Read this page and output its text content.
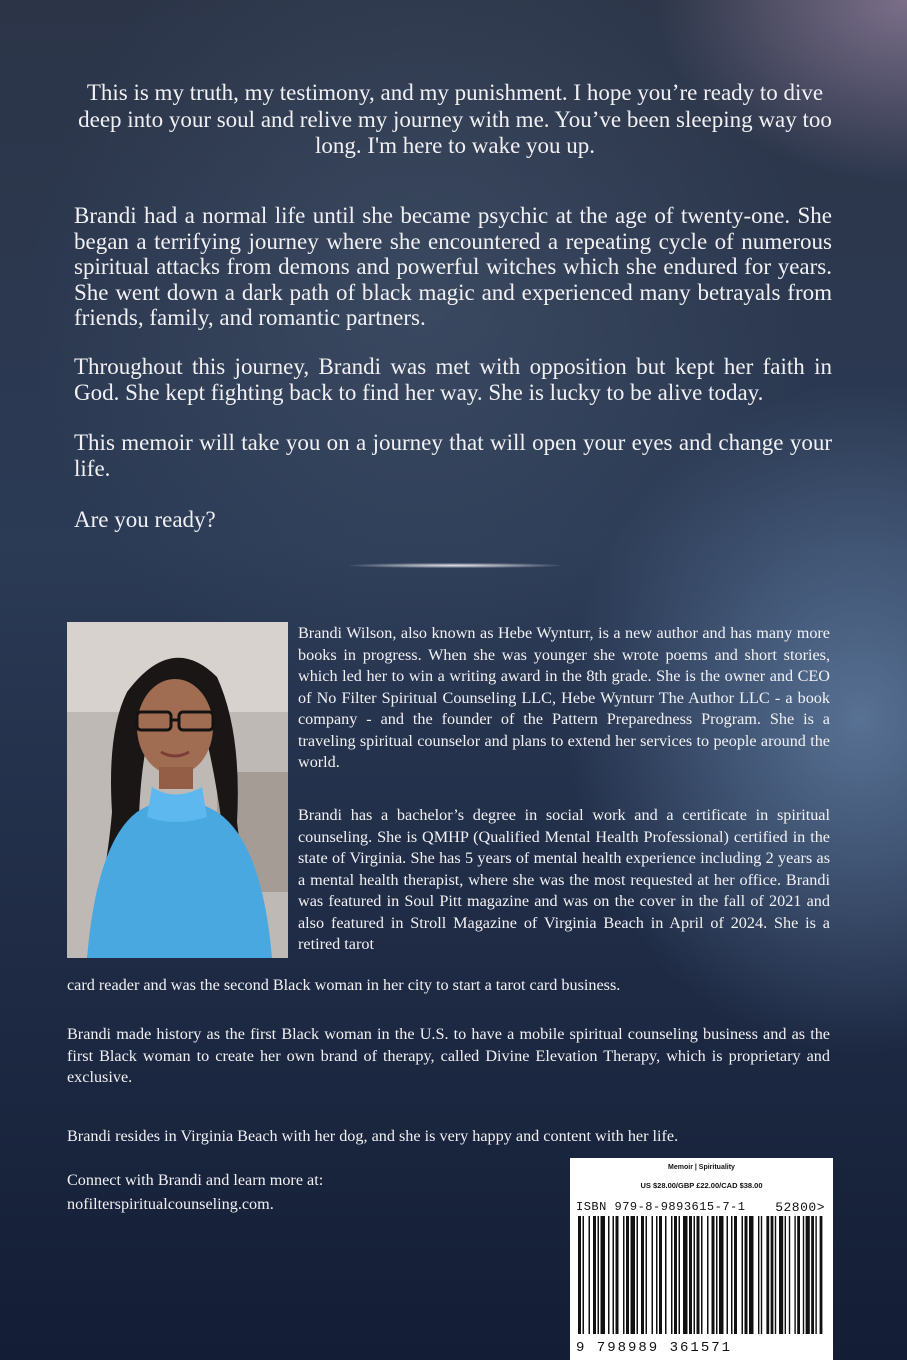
This is my truth, my testimony, and my punishment. I hope you’re ready to dive deep into your soul and relive my journey with me. You’ve been sleeping way too long. I'm here to wake you up.

Brandi had a normal life until she became psychic at the age of twenty-one. She began a terrifying journey where she encountered a repeating cycle of numerous spiritual attacks from demons and powerful witches which she endured for years. She went down a dark path of black magic and experienced many betrayals from friends, family, and romantic partners.

Throughout this journey, Brandi was met with opposition but kept her faith in God. She kept fighting back to find her way. She is lucky to be alive today.

This memoir will take you on a journey that will open your eyes and change your life.

Are you ready?

Brandi Wilson, also known as Hebe Wynturr, is a new author and has many more books in progress. When she was younger she wrote poems and short stories, which led her to win a writing award in the 8th grade. She is the owner and CEO of No Filter Spiritual Counseling LLC, Hebe Wynturr The Author LLC - a book company - and the founder of the Pattern Preparedness Program. She is a traveling spiritual counselor and plans to extend her services to people around the world.

Brandi has a bachelor’s degree in social work and a certificate in spiritual counseling. She is QMHP (Qualified Mental Health Professional) certified in the state of Virginia. She has 5 years of mental health experience including 2 years as a mental health therapist, where she was the most requested at her office. Brandi was featured in Soul Pitt magazine and was on the cover in the fall of 2021 and also featured in Stroll Magazine of Virginia Beach in April of 2024. She is a retired tarot

card reader and was the second Black woman in her city to start a tarot card business.

Brandi made history as the first Black woman in the U.S. to have a mobile spiritual counseling business and as the first Black woman to create her own brand of therapy, called Divine Elevation Therapy, which is proprietary and exclusive.

Brandi resides in Virginia Beach with her dog, and she is very happy and content with her life.

Connect with Brandi and learn more at:

nofilterspiritualcounseling.com.

Memoir | Spirituality
US $28.00/GBP £22.00/CAD $38.00
ISBN 979-8-9893615-7-1 52800>
9 798989 361571
